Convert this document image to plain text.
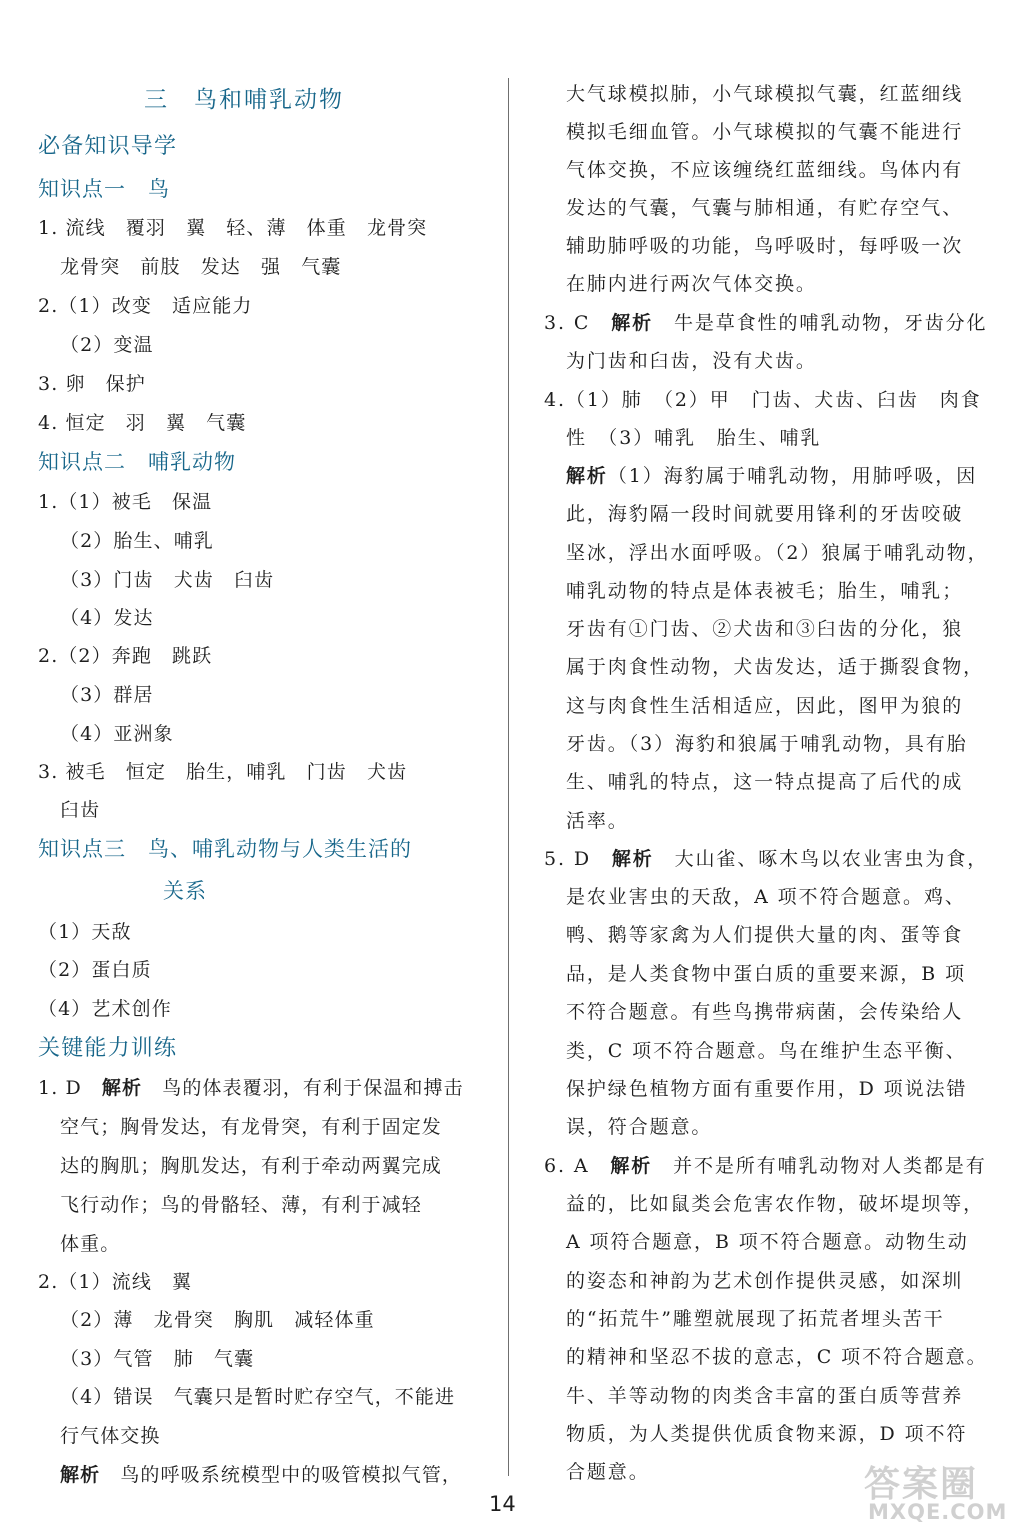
三　鸟和哺乳动物

必备知识导学

知识点一　鸟

1. 流线　覆羽　翼　轻、薄　体重　龙骨突

龙骨突　前肢　发达　强　气囊

2.（1）改变　适应能力

（2）变温

3. 卵　保护

4. 恒定　羽　翼　气囊

知识点二　哺乳动物

1.（1）被毛　保温

（2）胎生、哺乳

（3）门齿　犬齿　臼齿

（4）发达

2.（2）奔跑　跳跃

（3）群居

（4）亚洲象

3. 被毛　恒定　胎生，哺乳　门齿　犬齿

臼齿

知识点三　鸟、哺乳动物与人类生活的

关系

（1）天敌

（2）蛋白质

（4）艺术创作

关键能力训练

1. D　解析　 鸟的体表覆羽，有利于保温和搏击

空气；胸骨发达，有龙骨突，有利于固定发

达的胸肌；胸肌发达，有利于牵动两翼完成

飞行动作；鸟的骨骼轻、薄，有利于减轻

体重。

2.（1）流线　翼

（2）薄　龙骨突　胸肌　减轻体重

（3）气管　肺　气囊

（4）错误　气囊只是暂时贮存空气，不能进

行气体交换

解析　 鸟的呼吸系统模型中的吸管模拟气管，

大气球模拟肺，小气球模拟气囊，红蓝细线

模拟毛细血管。小气球模拟的气囊不能进行

气体交换，不应该缠绕红蓝细线。鸟体内有

发达的气囊，气囊与肺相通，有贮存空气、

辅助肺呼吸的功能，鸟呼吸时，每呼吸一次

在肺内进行两次气体交换。

3. C　解析　 牛是草食性的哺乳动物，牙齿分化

为门齿和臼齿，没有犬齿。

4.（1）肺　（2）甲　门齿、犬齿、臼齿　肉食

性　（3）哺乳　胎生、哺乳

解析（1）海豹属于哺乳动物，用肺呼吸，因

此，海豹隔一段时间就要用锋利的牙齿咬破

坚冰，浮出水面呼吸。（2）狼属于哺乳动物，

哺乳动物的特点是体表被毛；胎生，哺乳；

牙齿有①门齿、②犬齿和③臼齿的分化，狼

属于肉食性动物，犬齿发达，适于撕裂食物，

这与肉食性生活相适应，因此，图甲为狼的

牙齿。（3）海豹和狼属于哺乳动物，具有胎

生、哺乳的特点，这一特点提高了后代的成

活率。

5. D　解析　 大山雀、啄木鸟以农业害虫为食，

是农业害虫的天敌，A 项不符合题意。鸡、

鸭、鹅等家禽为人们提供大量的肉、蛋等食

品，是人类食物中蛋白质的重要来源，B 项

不符合题意。有些鸟携带病菌，会传染给人

类，C 项不符合题意。鸟在维护生态平衡、

保护绿色植物方面有重要作用，D 项说法错

误，符合题意。

6. A　解析　 并不是所有哺乳动物对人类都是有

益的，比如鼠类会危害农作物，破坏堤坝等，

A 项符合题意，B 项不符合题意。动物生动

的姿态和神韵为艺术创作提供灵感，如深圳

的“拓荒牛”雕塑就展现了拓荒者埋头苦干

的精神和坚忍不拔的意志，C 项不符合题意。

牛、羊等动物的肉类含丰富的蛋白质等营养

物质，为人类提供优质食物来源，D 项不符

合题意。

14	答案圈
MXQE.COM
